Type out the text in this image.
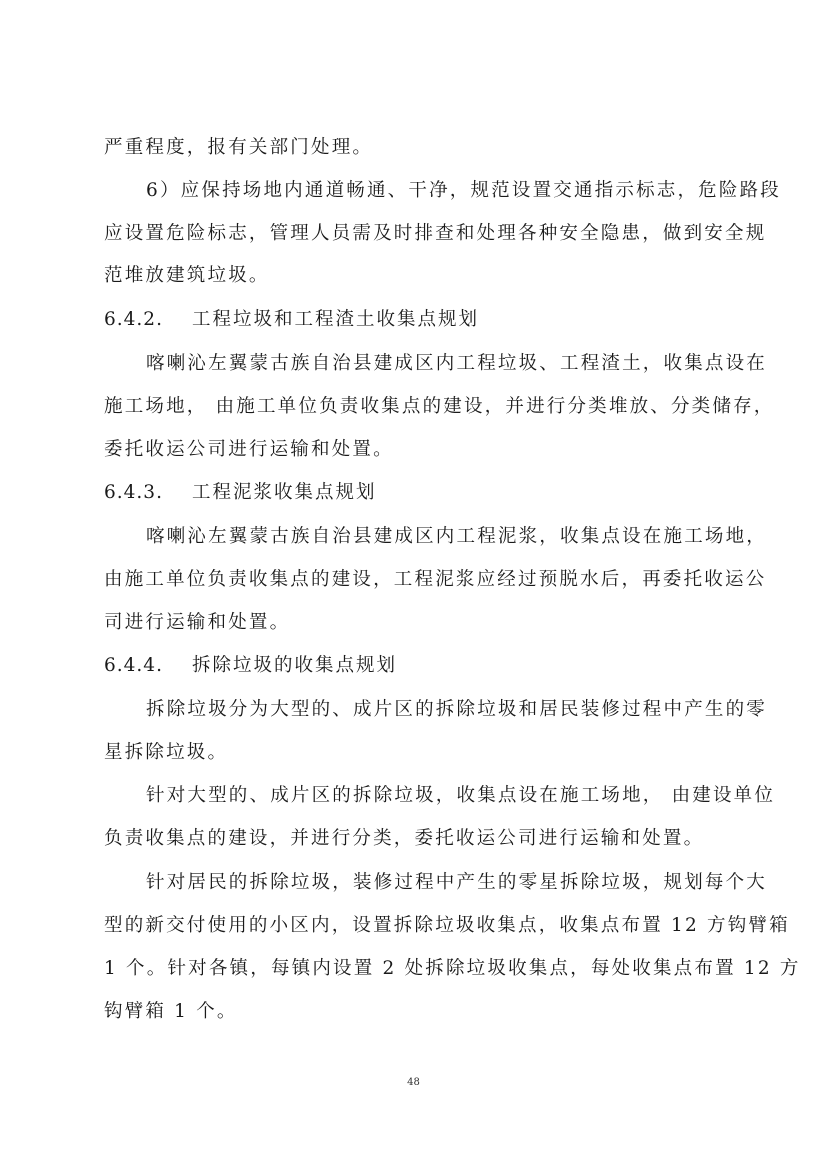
严重程度，报有关部门处理。
6）应保持场地内通道畅通、干净，规范设置交通指示标志，危险路段
应设置危险标志，管理人员需及时排查和处理各种安全隐患，做到安全规
范堆放建筑垃圾。
6.4.2. 工程垃圾和工程渣土收集点规划
喀喇沁左翼蒙古族自治县建成区内工程垃圾、工程渣土，收集点设在
施工场地， 由施工单位负责收集点的建设，并进行分类堆放、分类储存，
委托收运公司进行运输和处置。
6.4.3. 工程泥浆收集点规划
喀喇沁左翼蒙古族自治县建成区内工程泥浆，收集点设在施工场地，
由施工单位负责收集点的建设，工程泥浆应经过预脱水后，再委托收运公
司进行运输和处置。
6.4.4. 拆除垃圾的收集点规划
拆除垃圾分为大型的、成片区的拆除垃圾和居民装修过程中产生的零
星拆除垃圾。
针对大型的、成片区的拆除垃圾，收集点设在施工场地， 由建设单位
负责收集点的建设，并进行分类，委托收运公司进行运输和处置。
针对居民的拆除垃圾，装修过程中产生的零星拆除垃圾，规划每个大
型的新交付使用的小区内，设置拆除垃圾收集点，收集点布置 12 方钩臂箱
1 个。针对各镇，每镇内设置 2 处拆除垃圾收集点，每处收集点布置 12 方
钩臂箱 1 个。
48
